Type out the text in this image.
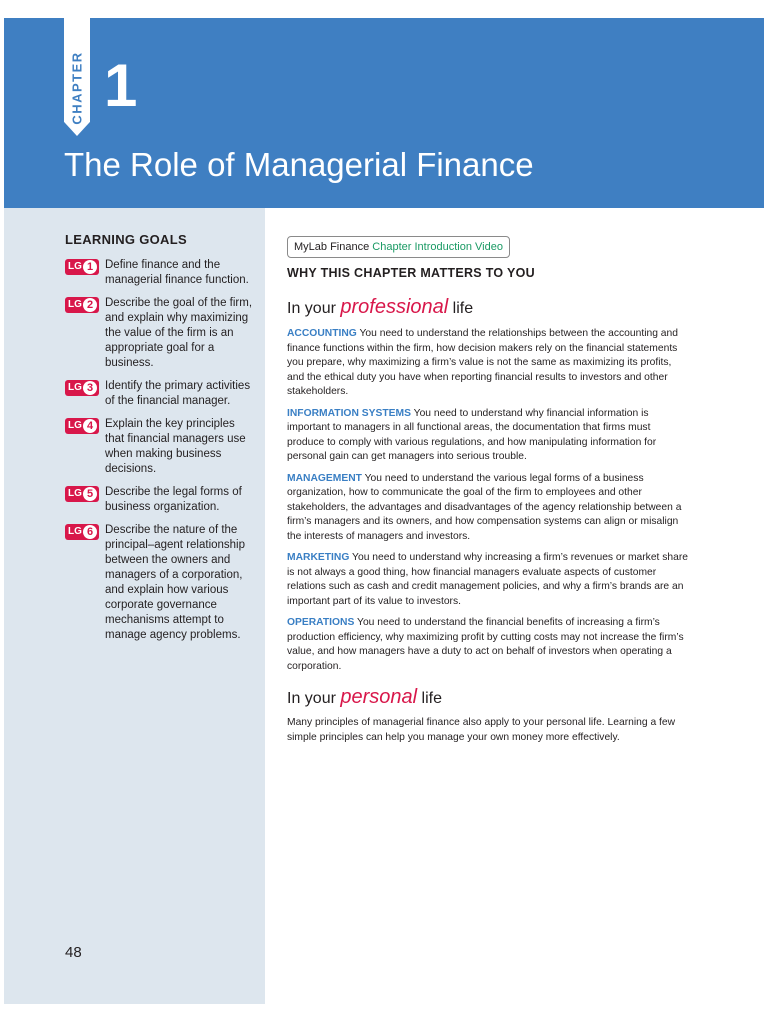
CHAPTER 1
The Role of Managerial Finance
LEARNING GOALS
LG 1	Define finance and the managerial finance function.
LG 2	Describe the goal of the firm, and explain why maximizing the value of the firm is an appropriate goal for a business.
LG 3	Identify the primary activities of the financial manager.
LG 4	Explain the key principles that financial managers use when making business decisions.
LG 5	Describe the legal forms of business organization.
LG 6	Describe the nature of the principal–agent relationship between the owners and managers of a corporation, and explain how various corporate governance mechanisms attempt to manage agency problems.
48
MyLab Finance Chapter Introduction Video
WHY THIS CHAPTER MATTERS TO YOU
In your professional life

ACCOUNTING You need to understand the relationships between the accounting and finance functions within the firm, how decision makers rely on the financial statements you prepare, why maximizing a firm’s value is not the same as maximizing its profits, and the ethical duty you have when reporting financial results to investors and other stakeholders.

INFORMATION SYSTEMS You need to understand why financial information is important to managers in all functional areas, the documentation that firms must produce to comply with various regulations, and how manipulating information for personal gain can get managers into serious trouble.

MANAGEMENT You need to understand the various legal forms of a business organization, how to communicate the goal of the firm to employees and other stakeholders, the advantages and disadvantages of the agency relationship between a firm’s managers and its owners, and how compensation systems can align or misalign the interests of managers and investors.

MARKETING You need to understand why increasing a firm’s revenues or market share is not always a good thing, how financial managers evaluate aspects of customer relations such as cash and credit management policies, and why a firm’s brands are an important part of its value to investors.

OPERATIONS You need to understand the financial benefits of increasing a firm’s production efficiency, why maximizing profit by cutting costs may not increase the firm’s value, and how managers have a duty to act on behalf of investors when operating a corporation.

In your personal life

Many principles of managerial finance also apply to your personal life. Learning a few simple principles can help you manage your own money more effectively.
